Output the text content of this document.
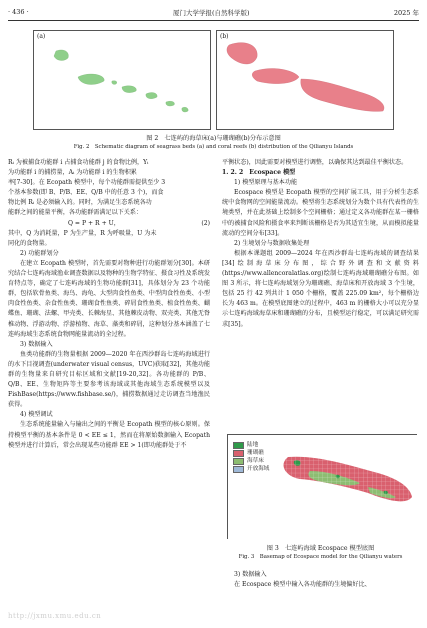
· 436 ·	厦门大学学报(自然科学版)	2025 年
(a)	(b)
图 2　七连屿的海草床(a)与珊瑚礁(b)分布示意图
Fig. 2　Schematic diagram of seagrass beds (a) and coral reefs (b) distribution of the Qilianyu Islands

Rᵢ 为被捕食功能群 i 占捕食功能群 j 的食物比例，Yᵢ

为功能群 i 的捕捞量，Aᵢ 为功能群 i 的生物积累

率[7-30]。在 Ecopath 模型中，每个功能群需提供至少 3

个基本参数(即 B、P/B、EE、Q/B 中的任意 3 个)，而食

物比例 Rᵢ 是必须输入的。同时，为满足生态系统各功

能群之间的能量平衡，各功能群需满足以下关系：

Q = P + R + U，	(2)

其中，Q 为消耗量，P 为生产量，R 为呼吸量，U 为未

同化的食物量。

2) 功能群划分

在建立 Ecopath 模型时，首先需要对物种进行功能群划分[30]。本研究结合七连屿海域渔业调查数据以及物种的生物学特征、摄食习性及系统发育特点等，确定了七连屿海域的生物功能群[31]，具体划分为 23 个功能群，包括软骨鱼类、海鸟、海龟、大型肉食性鱼类、中型肉食性鱼类、小型肉食性鱼类、杂食性鱼类、珊瑚食性鱼类、碎屑食性鱼类、植食性鱼类、蝴蝶鱼、珊瑚、法螺、甲壳类、长棘海星、其他棘皮动物、双壳类、其他无脊椎动物、浮游动物、浮游植物、海草、藻类和碎屑，这种划分基本涵盖了七连屿海域生态系统食物网能量流动的全过程。

3) 数据输入

鱼类功能群的生物量根据 2009—2020 年在西沙群岛七连屿海域进行的水下目视调查(underwater visual census，UVC)获取[32]，其他功能群的生物量来自研究目标区域和文献[19-20,32]。各功能群的 P/B、Q/B、EE、生物矩阵等主要参考该海域或其他海域生态系统模型以及 FishBase(https://www.fishbase.se/)，捕捞数据通过走访调查当地渔民获得。

4) 模型调试

生态系统能量输入与输出之间的平衡是 Ecopath 模型的核心原则。保持模型平衡的基本条件是 0 < EE ≤ 1，然而在将原始数据输入 Ecopath 模型并进行计算后，常会出现某些功能群 EE > 1(即功能群处于不

平衡状态)，因此需要对模型进行调整，以确保其达到最佳平衡状态。

1. 2. 2　Ecospace 模型

1) 模型原理与基本功能

Ecospace 模型是 Ecopath 模型的空间扩展工具，用于分析生态系统中食物网的空间能量流动。模型将生态系统划分为数个具有代表性的生境类型，并在此基础上绘制多个空间栅格；通过定义各功能群在某一栅格中的被捕食风险和摄食率来判断该栅格是否为其适宜生境，从而模拟能量流动的空间分布[33]。

2) 生境划分与数据收集处理

根据本课题组 2009—2024 年在西沙群岛七连屿海域的调查结果[34]绘制海草床分布图，综合野外调查和文献资料(https://www.allencoralatlas.org)绘制七连屿海域珊瑚礁分布图。如图 3 所示，将七连屿海域划分为珊瑚礁、海草床和开放海域 3 个生境，包括 25 行 42 列共计 1 050 个栅格，覆盖 225.09 km²，每个栅格边长为 463 m。在模型底图建立的过程中，463 m 的栅格大小可以充分显示七连屿海域海草床和珊瑚礁的分布，且模型运行稳定，可以满足研究需求[35]。

陆地
珊瑚礁
海草床
开放海域
图 3　七连屿海域 Ecospace 模型底图
Fig. 3　Basemap of Ecospace model for the Qilianyu waters

3) 数据输入

在 Ecospace 模型中输入各功能群的生境偏好比、

http://jxmu.xmu.edu.cn
